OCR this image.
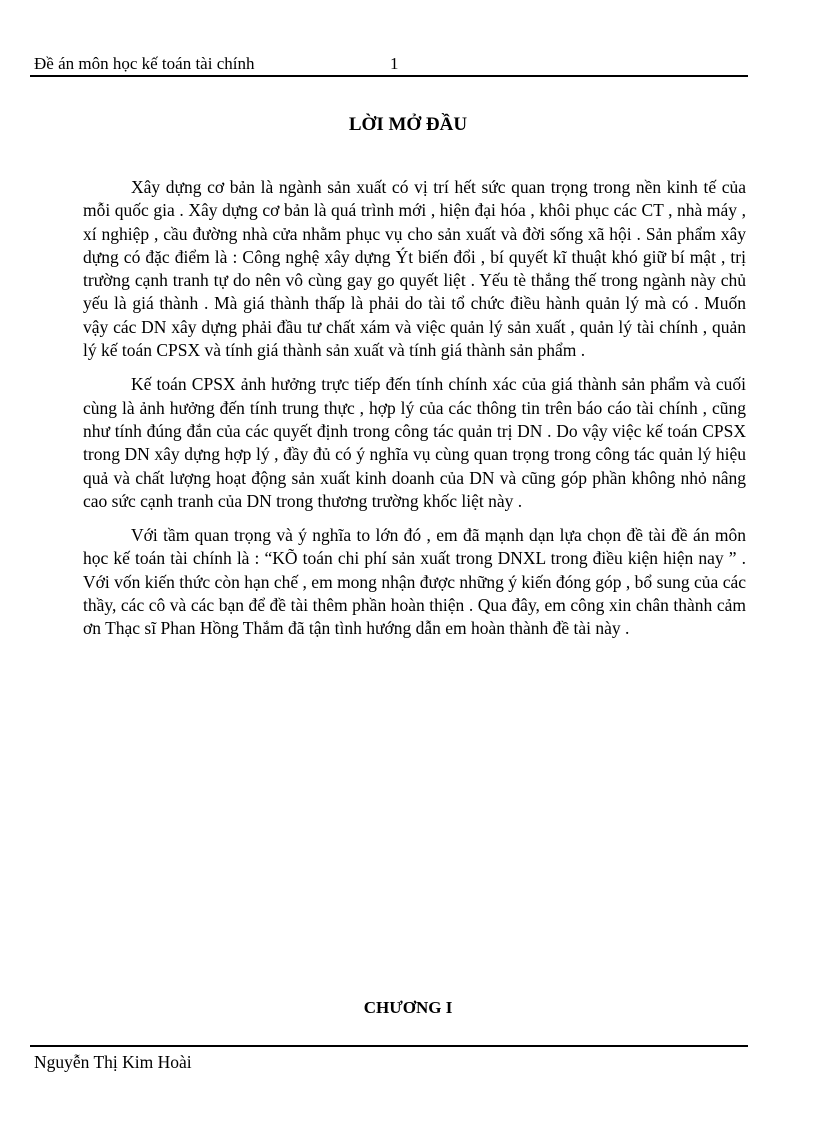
Đề án môn học kế toán tài chính	1
LỜI MỞ ĐẦU

Xây dựng cơ bản là ngành sản xuất có vị trí hết sức quan trọng trong nền kinh tế của mỗi quốc gia . Xây dựng cơ bản là quá trình mới , hiện đại hóa , khôi phục các CT , nhà máy , xí nghiệp , cầu đường nhà cửa nhằm phục vụ cho sản xuất và đời sống xã hội . Sản phẩm xây dựng có đặc điểm là : Công nghệ xây dựng Ýt biến đổi , bí quyết kĩ thuật khó giữ bí mật , trị trường cạnh tranh tự do nên vô cùng gay go quyết liệt . Yếu tè thắng thế trong ngành này chủ yếu là giá thành . Mà giá thành thấp là phải do tài tổ chức điều hành quản lý mà có . Muốn vậy các DN xây dựng phải đầu tư chất xám và việc quản lý sản xuất , quản lý tài chính , quản lý kế toán CPSX và tính giá thành sản xuất và tính giá thành sản phẩm .

Kế toán CPSX ảnh hưởng trực tiếp đến tính chính xác của giá thành sản phẩm và cuối cùng là ảnh hưởng đến tính trung thực , hợp lý của các thông tin trên báo cáo tài chính , cũng như tính đúng đắn của các quyết định trong công tác quản trị DN . Do vậy việc kế toán CPSX trong DN xây dựng hợp lý , đầy đủ có ý nghĩa vụ cùng quan trọng trong công tác quản lý hiệu quả và chất lượng hoạt động sản xuất kinh doanh của DN và cũng góp phần không nhỏ nâng cao sức cạnh tranh của DN trong thương trường khốc liệt này .

Với tầm quan trọng và ý nghĩa to lớn đó , em đã mạnh dạn lựa chọn đề tài đề án môn học kế toán tài chính là : “KÕ toán chi phí sản xuất trong DNXL trong điều kiện hiện nay ” . Với vốn kiến thức còn hạn chế , em mong nhận được những ý kiến đóng góp , bổ sung của các thầy, các cô và các bạn để đề tài thêm phần hoàn thiện . Qua đây, em công xin chân thành cảm ơn Thạc sĩ Phan Hồng Thắm đã tận tình hướng dẫn em hoàn thành đề tài này .

CHƯƠNG I
Nguyễn Thị Kim Hoài
